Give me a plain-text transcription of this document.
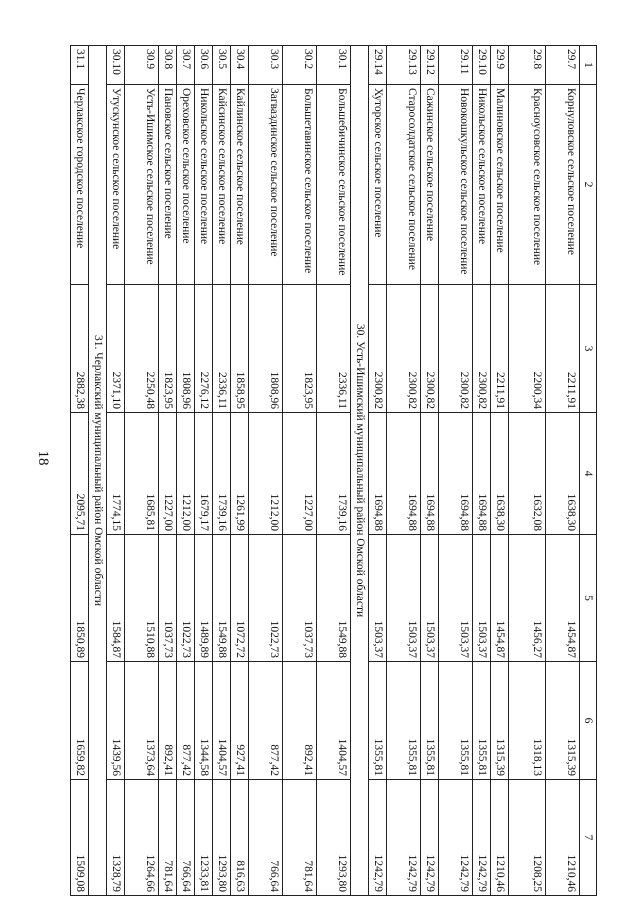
18
1	2	3	4	5	6	7
29.7	Корнуловское сельское поселение	2211,91	1638,30	1454,87	1315,39	1210,46
29.8	Красноусовское сельское поселение	2200,34	1632,08	1456,27	1318,13	1208,25
29.9	Малиновское сельское поселение	2211,91	1638,30	1454,87	1315,39	1210,46
29.10	Никольское сельское поселение	2300,82	1694,88	1503,37	1355,81	1242,79
29.11	Новокошкульское сельское поселение	2300,82	1694,88	1503,37	1355,81	1242,79
29.12	Сажинское сельское поселение	2300,82	1694,88	1503,37	1355,81	1242,79
29.13	Старосолдатское сельское поселение	2300,82	1694,88	1503,37	1355,81	1242,79
29.14	Хуторское сельское поселение	2300,82	1694,88	1503,37	1355,81	1242,79
30. Усть-Ишимский муниципальный район Омской области						
30.1	Большебичинское сельское поселение	2336,11	1739,16	1549,88	1404,57	1293,80
30.2	Большетавинское сельское поселение	1823,95	1227,00	1037,73	892,41	781,64
30.3	Загваздинское сельское поселение	1808,96	1212,00	1022,73	877,42	766,64
30.4	Кайлинское сельское поселение	1858,95	1261,99	1072,72	927,41	816,63
30.5	Кайсинское сельское поселение	2336,11	1739,16	1549,88	1404,57	1293,80
30.6	Никольское сельское поселение	2276,12	1679,17	1489,89	1344,58	1233,81
30.7	Ореховское сельское поселение	1808,96	1212,00	1022,73	877,42	766,64
30.8	Пановское сельское поселение	1823,95	1227,00	1037,73	892,41	781,64
30.9	Усть-Ишимское сельское поселение	2250,48	1685,81	1510,88	1373,64	1264,66
30.10	Утускунское сельское поселение	2371,10	1774,15	1584,87	1439,56	1328,79
31. Черлакский муниципальный район Омской области						
31.1	Черлакское городское поселение	2882,38	2095,71	1850,89	1659,82	1509,08
